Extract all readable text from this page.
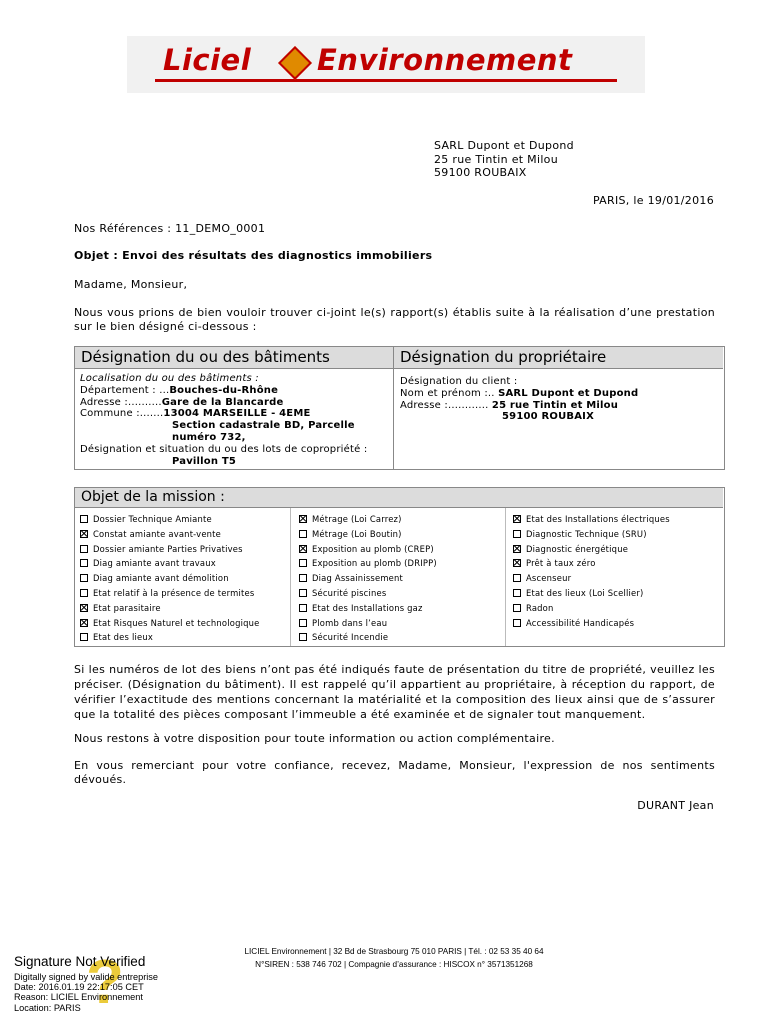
Liciel Environnement
SARL Dupont et Dupond
25 rue Tintin et Milou
59100 ROUBAIX
PARIS, le 19/01/2016
Nos Références : 11_DEMO_0001
Objet : Envoi des résultats des diagnostics immobiliers
Madame, Monsieur,
Nous vous prions de bien vouloir trouver ci-joint le(s) rapport(s) établis suite à la réalisation d’une prestation sur le bien désigné ci-dessous :
Désignation du ou des bâtiments	Désignation du propriétaire
Localisation du ou des bâtiments :
Département : ...Bouches-du-Rhône
Adresse :..........Gare de la Blancarde
Commune :.......13004 MARSEILLE - 4EME
Section cadastrale BD, Parcelle
numéro 732,
Désignation et situation du ou des lots de copropriété :
Pavillon T5
Désignation du client :
Nom et prénom :.. SARL Dupont et Dupond
Adresse :............ 25 rue Tintin et Milou
59100 ROUBAIX
Objet de la mission :
Dossier Technique Amiante
Constat amiante avant-vente
Dossier amiante Parties Privatives
Diag amiante avant travaux
Diag amiante avant démolition
Etat relatif à la présence de termites
Etat parasitaire
Etat Risques Naturel et technologique
Etat des lieux
Métrage (Loi Carrez)
Métrage (Loi Boutin)
Exposition au plomb (CREP)
Exposition au plomb (DRIPP)
Diag Assainissement
Sécurité piscines
Etat des Installations gaz
Plomb dans l’eau
Sécurité Incendie
Etat des Installations électriques
Diagnostic Technique (SRU)
Diagnostic énergétique
Prêt à taux zéro
Ascenseur
Etat des lieux (Loi Scellier)
Radon
Accessibilité Handicapés
Si les numéros de lot des biens n’ont pas été indiqués faute de présentation du titre de propriété, veuillez les préciser. (Désignation du bâtiment). Il est rappelé qu’il appartient au propriétaire, à réception du rapport, de vérifier l’exactitude des mentions concernant la matérialité et la composition des lieux ainsi que de s’assurer que la totalité des pièces composant l’immeuble a été examinée et de signaler tout manquement.
Nous restons à votre disposition pour toute information ou action complémentaire.
En vous remerciant pour votre confiance, recevez, Madame, Monsieur, l'expression de nos sentiments dévoués.
DURANT Jean
LICIEL Environnement | 32 Bd de Strasbourg 75 010 PARIS | Tél. : 02 53 35 40 64
N°SIREN : 538 746 702 | Compagnie d’assurance : HISCOX n° 3571351268
?
Signature Not Verified
Digitally signed by valide entreprise
Date: 2016.01.19 22:17:05 CET
Reason: LICIEL Environnement
Location: PARIS
